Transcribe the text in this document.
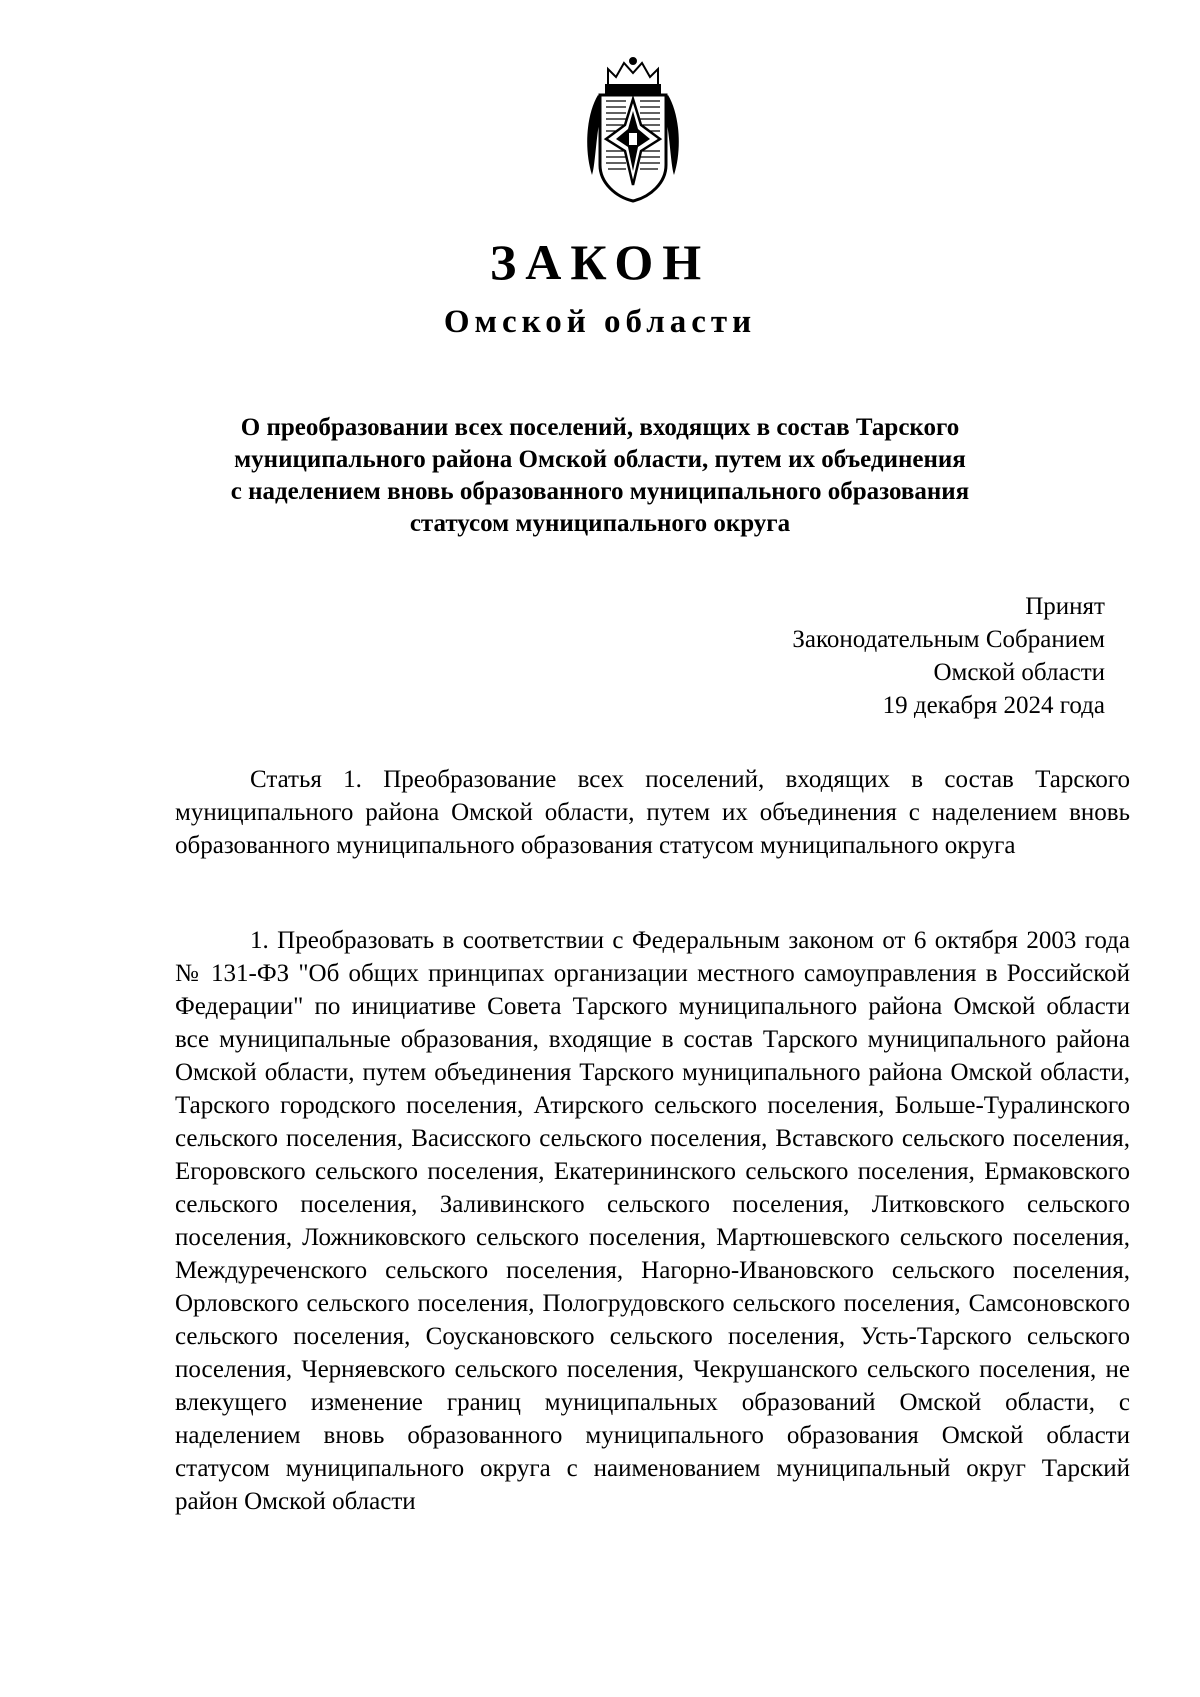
ЗАКОН
Омской области
О преобразовании всех поселений, входящих в состав Тарского
муниципального района Омской области, путем их объединения
с наделением вновь образованного муниципального образования
статусом муниципального округа
Принят
Законодательным Собранием
Омской области
19 декабря 2024 года

Статья 1. Преобразование всех поселений, входящих в состав Тарского муниципального района Омской области, путем их объединения с наделением вновь образованного муниципального образования статусом муниципального округа

1. Преобразовать в соответствии с Федеральным законом от 6 октября 2003 года № 131-ФЗ "Об общих принципах организации местного самоуправления в Российской Федерации" по инициативе Совета Тарского муниципального района Омской области все муниципальные образования, входящие в состав Тарского муниципального района Омской области, путем объединения Тарского муниципального района Омской области, Тарского городского поселения, Атирского сельского поселения, Больше-Туралинского сельского поселения, Васисского сельского поселения, Вставского сельского поселения, Егоровского сельского поселения, Екатерининского сельского поселения, Ермаковского сельского поселения, Заливинского сельского поселения, Литковского сельского поселения, Ложниковского сельского поселения, Мартюшевского сельского поселения, Междуреченского сельского поселения, Нагорно-Ивановского сельского поселения, Орловского сельского поселения, Пологрудовского сельского поселения, Самсоновского сельского поселения, Соускановского сельского поселения, Усть-Тарского сельского поселения, Черняевского сельского поселения, Чекрушанского сельского поселения, не влекущего изменение границ муниципальных образований Омской области, с наделением вновь образованного муниципального образования Омской области статусом муниципального округа с наименованием муниципальный округ Тарский район Омской области
